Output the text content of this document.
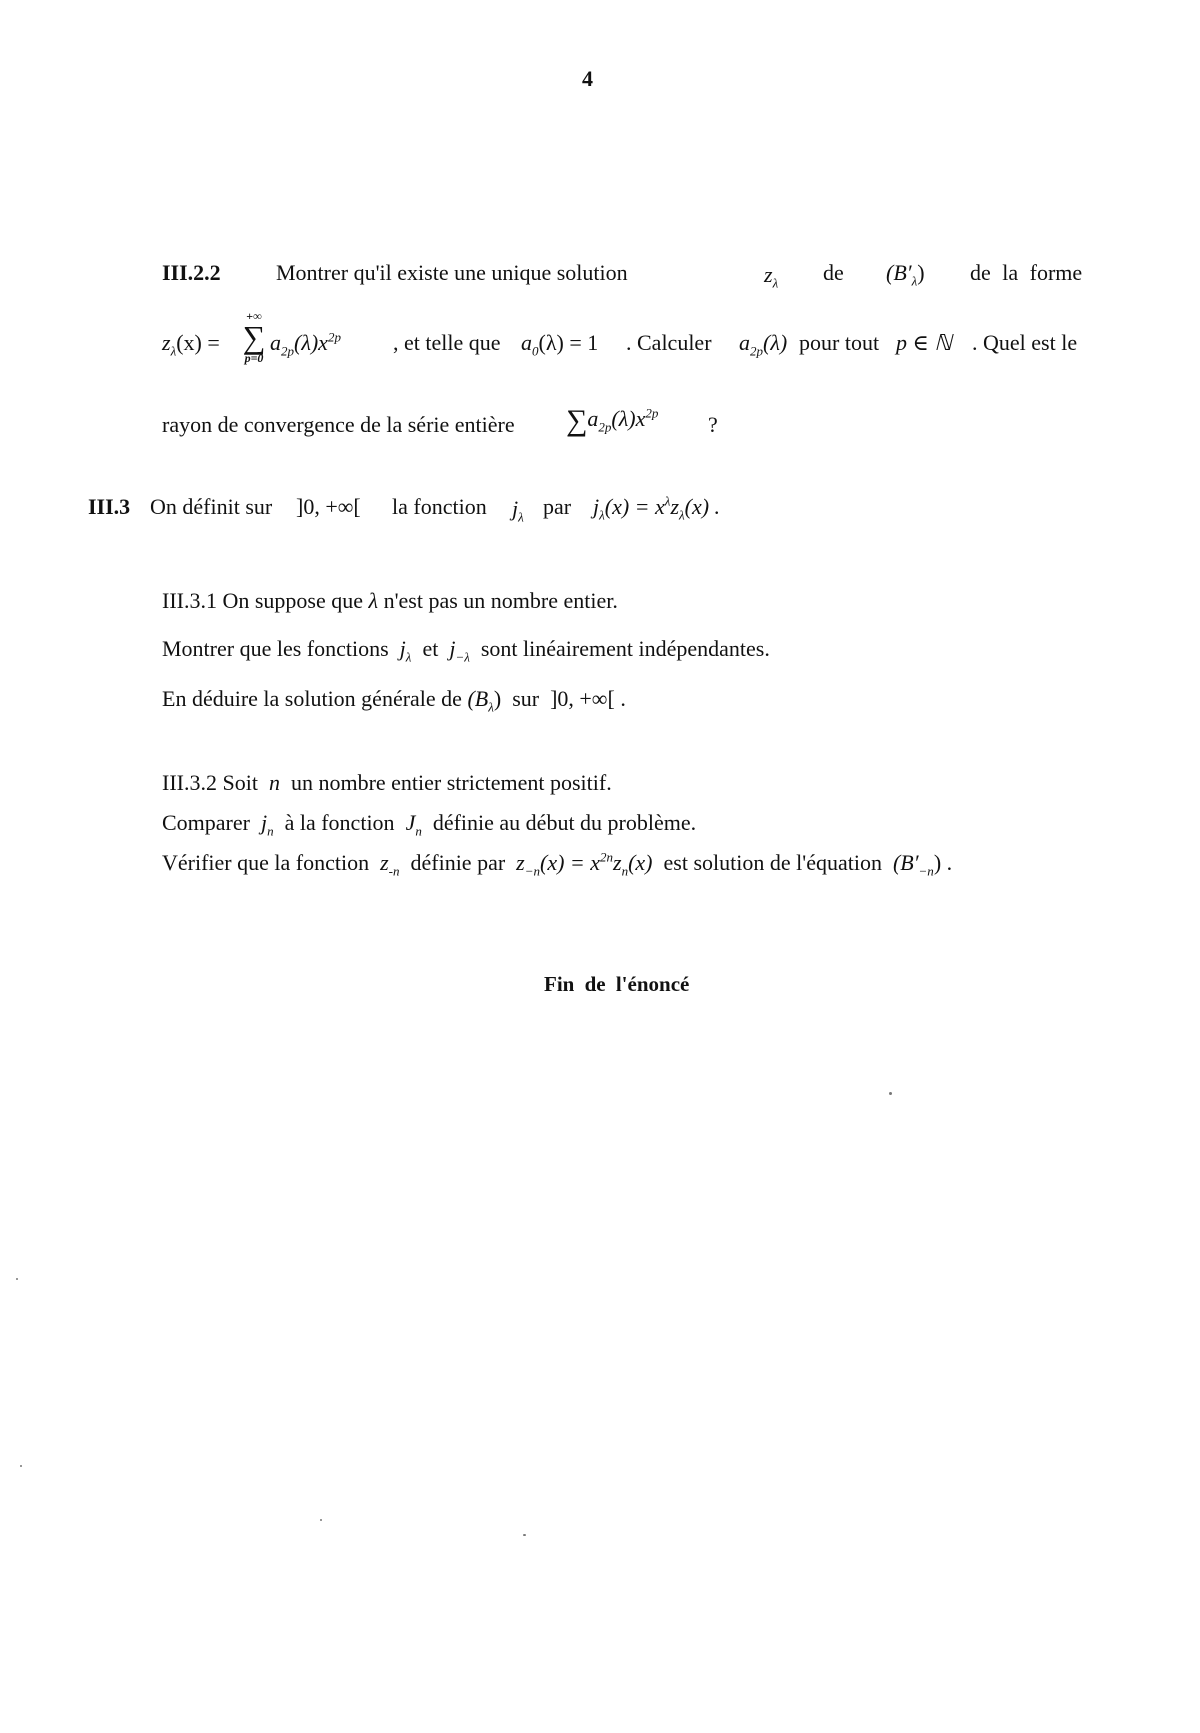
4
III.2.2	Montrer qu'il existe une unique solution	$z_\lambda$ de $(B'_\lambda)$ de la forme
$z_\lambda(x)$ =
+∞
∑
p=0
$a_{2p}(\lambda)x^{2p}$ , et telle que $a_0(\lambda) = 1$ . Calculer $a_{2p}(\lambda)$ pour tout p ∈ ℕ . Quel est le
rayon de convergence de la série entière $\sum a_{2p}(\lambda)x^{2p}$ ?
III.3 On définit sur ]0, +∞[ la fonction $j_\lambda$ par $j_\lambda(x) = x^\lambda z_\lambda(x)$ .
III.3.1 On suppose que λ n'est pas un nombre entier.
Montrer que les fonctions $j_\lambda$ et $j_{-\lambda}$ sont linéairement indépendantes.
En déduire la solution générale de $(B_\lambda)$ sur ]0, +∞[ .
III.3.2 Soit n un nombre entier strictement positif.
Comparer $j_n$ à la fonction $J_n$ définie au début du problème.
Vérifier que la fonction $z_{-n}$ définie par $z_{-n}(x) = x^{2n}z_n(x)$ est solution de l'équation $(B'_{-n})$ .
Fin de l'énoncé
